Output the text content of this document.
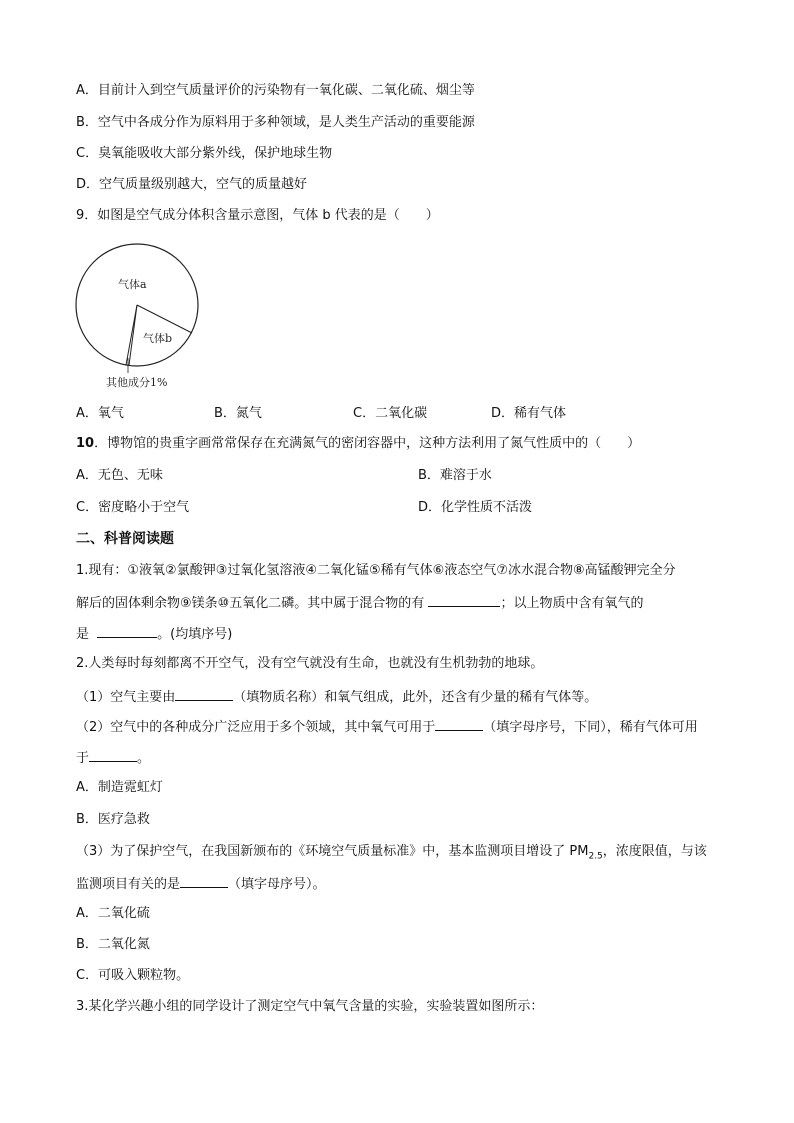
A．目前计入到空气质量评价的污染物有一氧化碳、二氧化硫、烟尘等
B．空气中各成分作为原料用于多种领域，是人类生产活动的重要能源
C．臭氧能吸收大部分紫外线，保护地球生物
D．空气质量级别越大，空气的质量越好
9．如图是空气成分体积含量示意图，气体 b 代表的是（　　）
气体a
气体b
其他成分1%
A．氧气	B．氮气	C．二氧化碳	D．稀有气体
10．博物馆的贵重字画常常保存在充满氮气的密闭容器中，这种方法利用了氮气性质中的（　　）
A．无色、无味	B．难溶于水
C．密度略小于空气	D．化学性质不活泼
二、科普阅读题
1.现有：①液氧②氯酸钾③过氧化氢溶液④二氧化锰⑤稀有气体⑥液态空气⑦冰水混合物⑧高锰酸钾完全分
解后的固体剩余物⑨镁条⑩五氧化二磷。其中属于混合物的有	；以上物质中含有氧气的
是	。(均填序号)
2.人类每时每刻都离不开空气，没有空气就没有生命，也就没有生机勃勃的地球。
（1）空气主要由	（填物质名称）和氧气组成，此外，还含有少量的稀有气体等。
（2）空气中的各种成分广泛应用于多个领域，其中氧气可用于	（填字母序号，下同），稀有气体可用
于	。
A．制造霓虹灯
B．医疗急救
（3）为了保护空气，在我国新颁布的《环境空气质量标准》中，基本监测项目增设了 $PM_{2.5}$，浓度限值，与该
监测项目有关的是	（填字母序号）。
A．二氧化硫
B．二氧化氮
C．可吸入颗粒物。
3.某化学兴趣小组的同学设计了测定空气中氧气含量的实验，实验装置如图所示：
